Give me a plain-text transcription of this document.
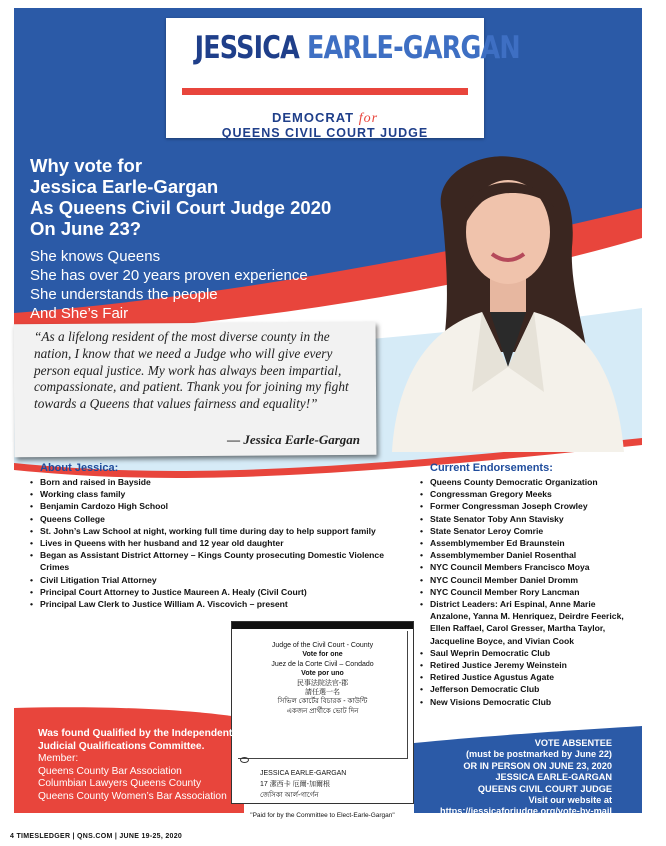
JESSICA EARLE-GARGAN
DEMOCRAT for
QUEENS CIVIL COURT JUDGE
Why vote for
Jessica Earle-Gargan
As Queens Civil Court Judge 2020
On June 23?
She knows Queens
She has over 20 years proven experience
She understands the people
And She’s Fair
“As a lifelong resident of the most diverse county in the nation, I know that we need a Judge who will give every person equal justice. My work has always been impartial, compassionate, and patient. Thank you for joining my fight towards a Queens that values fairness and equality!”
— Jessica Earle-Gargan
About Jessica:
• Born and raised in Bayside
• Working class family
• Benjamin Cardozo High School
• Queens College
• St. John’s Law School at night, working full time during day to help support family
• Lives in Queens with her husband and 12 year old daughter
• Began as Assistant District Attorney – Kings County prosecuting Domestic Violence Crimes
• Civil Litigation Trial Attorney
• Principal Court Attorney to Justice Maureen A. Healy (Civil Court)
• Principal Law Clerk to Justice William A. Viscovich – present
Current Endorsements:
• Queens County Democratic Organization
• Congressman Gregory Meeks
• Former Congressman Joseph Crowley
• State Senator Toby Ann Stavisky
• State Senator Leroy Comrie
• Assemblymember Ed Braunstein
• Assemblymember Daniel Rosenthal
• NYC Council Members Francisco Moya
• NYC Council Member Daniel Dromm
• NYC Council Member Rory Lancman
• District Leaders: Ari Espinal, Anne Marie Anzalone, Yanna M. Henriquez, Deirdre Feerick, Ellen Raffael, Carol Gresser, Martha Taylor, Jacqueline Boyce, and Vivian Cook
• Saul Weprin Democratic Club
• Retired Justice Jeremy Weinstein
• Retired Justice Agustus Agate
• Jefferson Democratic Club
• New Visions Democratic Club
Judge of the Civil Court - County
Vote for one
Juez de la Corte Civil – Condado
Vote por uno
民事法院法官-郡
請任選一名
সিভিল কোর্টের বিচারক - কাউন্টি
একজন প্রার্থীকে ভোট দিন
JESSICA EARLE-GARGAN
17 潔西卡 厄爾-加爾根
জেসিকা আর্ল-গার্গেন
"Paid for by the Committee to Elect-Earle-Gargan"
Was found Qualified by the Independent
Judicial Qualifications Committee.
Member:
Queens County Bar Association
Columbian Lawyers Queens County
Queens County Women’s Bar Association
VOTE ABSENTEE
(must be postmarked by June 22)
OR IN PERSON ON JUNE 23, 2020
JESSICA EARLE-GARGAN
QUEENS CIVIL COURT JUDGE
Visit our website at
https://jessicaforjudge.org/vote-by-mail
4 TIMESLEDGER | QNS.COM | JUNE 19-25, 2020
